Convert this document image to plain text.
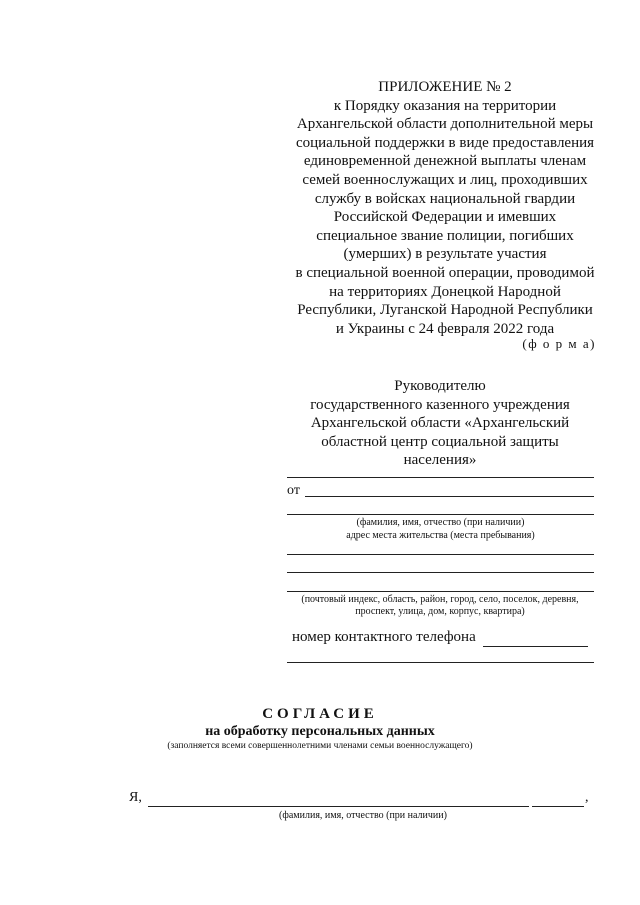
ПРИЛОЖЕНИЕ № 2
к Порядку оказания на территории
Архангельской области дополнительной меры
социальной поддержки в виде предоставления
единовременной денежной выплаты членам
семей военнослужащих и лиц, проходивших
службу в войсках национальной гвардии
Российской Федерации и имевших
специальное звание полиции, погибших
(умерших) в результате участия
в специальной военной операции, проводимой
на территориях Донецкой Народной
Республики, Луганской Народной Республики
и Украины с 24 февраля 2022 года
(ф о р м а)
Руководителю
государственного казенного учреждения
Архангельской области «Архангельский
областной центр социальной защиты
населения»
от
(фамилия, имя, отчество (при наличии)
адрес места жительства (места пребывания)
(почтовый индекс, область, район, город, село, поселок, деревня,
проспект, улица, дом, корпус, квартира)
номер контактного телефона
СОГЛАСИЕ
на обработку персональных данных
(заполняется всеми совершеннолетними членами семьи военнослужащего)
Я,	,
(фамилия, имя, отчество (при наличии)
